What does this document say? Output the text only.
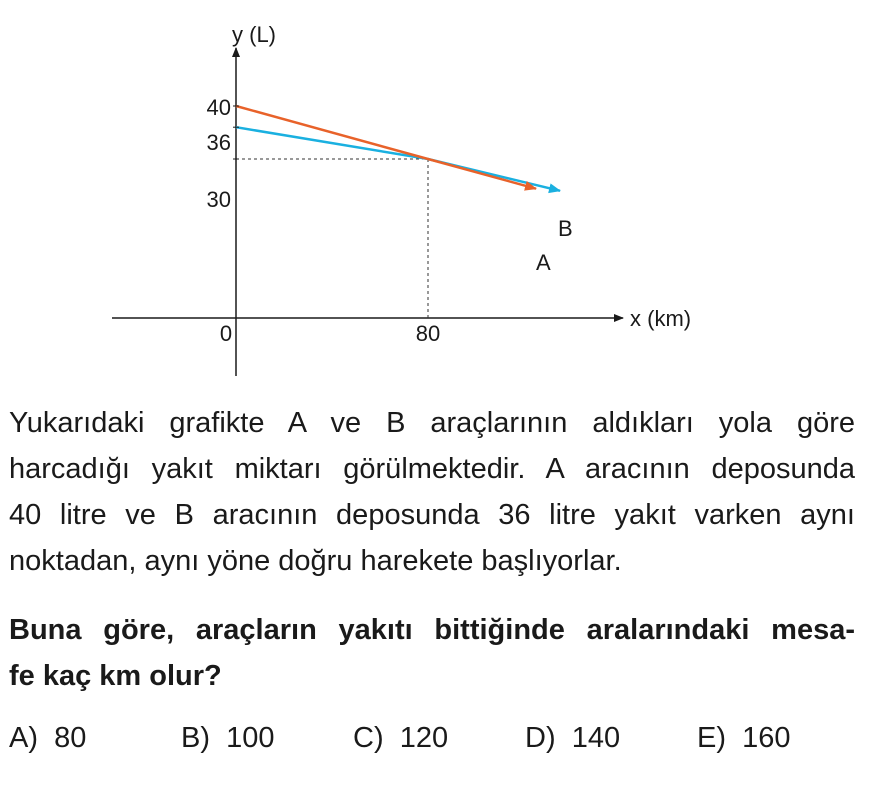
y (L)
x (km)
40
36
30
0	80
B
A

Yukarıdaki grafikte A ve B araçlarının aldıkları yola göre
harcadığı yakıt miktarı görülmektedir. A aracının deposunda
40 litre ve B aracının deposunda 36 litre yakıt varken aynı
noktadan, aynı yöne doğru harekete başlıyorlar.

Buna göre, araçların yakıtı bittiğinde aralarındaki mesa-
fe kaç km olur?

A) 80	B) 100	C) 120	D) 140	E) 160
